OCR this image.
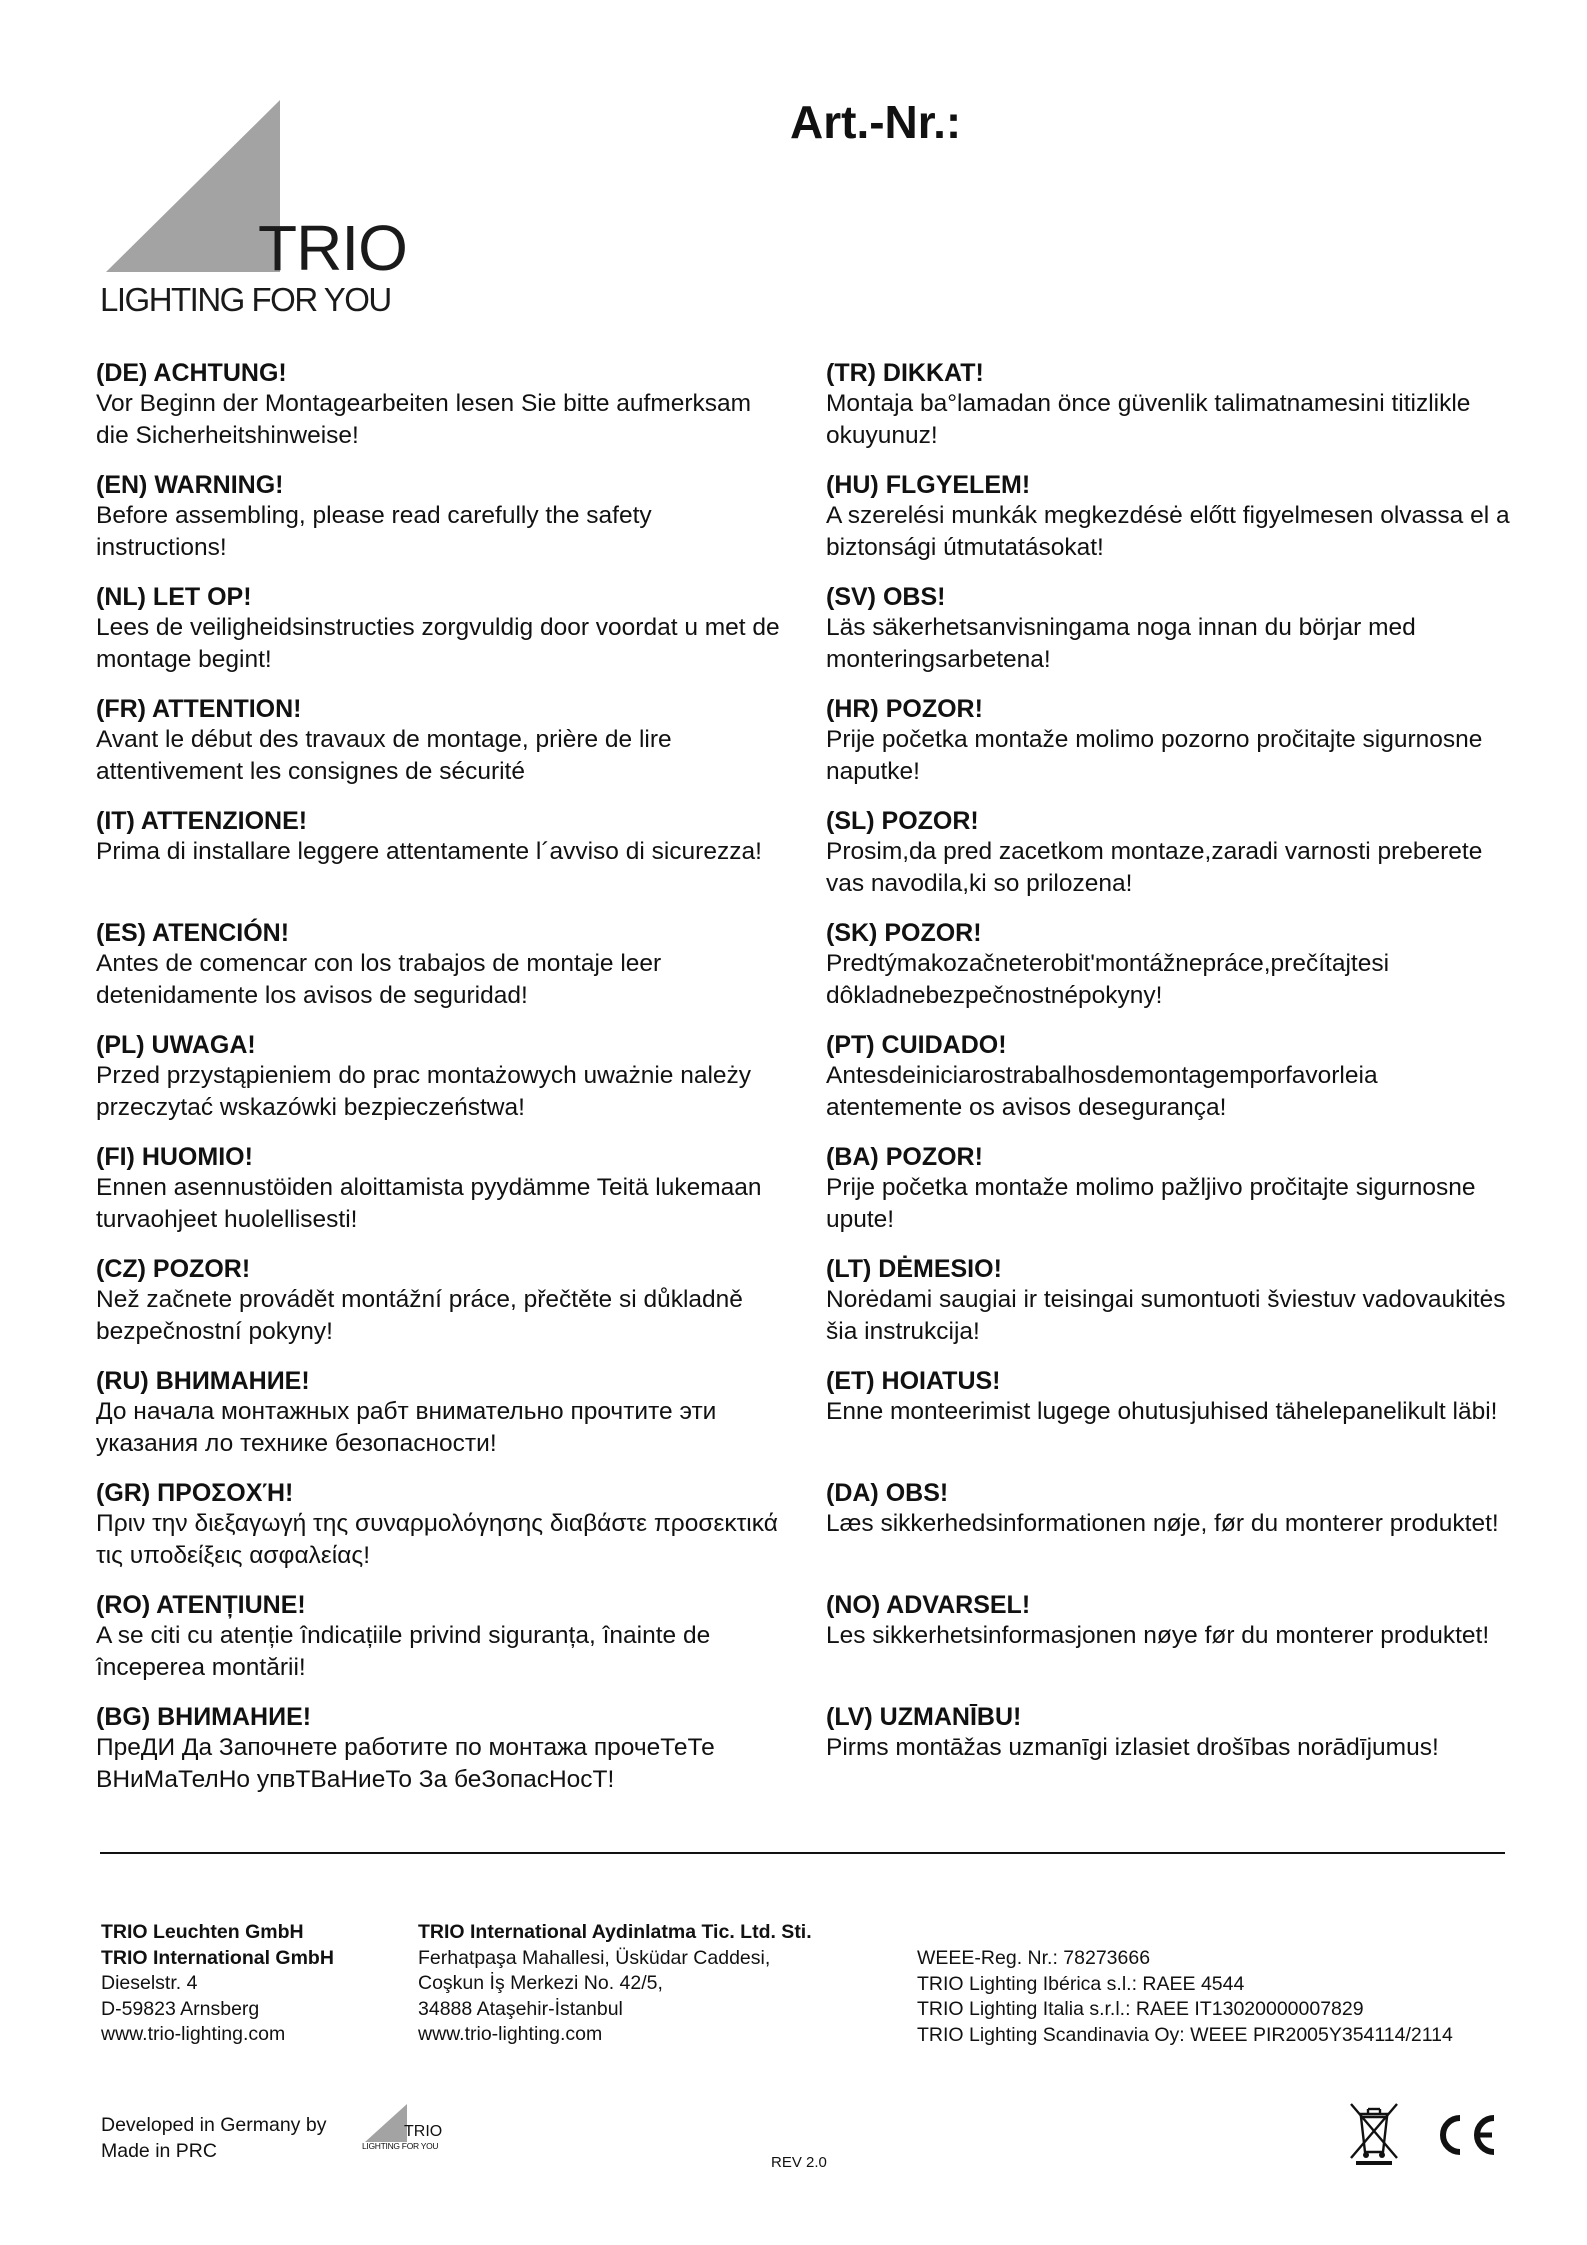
TRIO
LIGHTING FOR YOU
Art.-Nr.:
(DE) ACHTUNG!
Vor Beginn der Montagearbeiten lesen Sie bitte aufmerksam die Sicherheitshinweise!
(EN) WARNING!
Before assembling, please read carefully the safety instructions!
(NL) LET OP!
Lees de veiligheidsinstructies zorgvuldig door voordat u met de montage begint!
(FR) ATTENTION!
Avant le début des travaux de montage, prière de lire attentivement les consignes de sécurité
(IT) ATTENZIONE!
Prima di installare leggere attentamente l´avviso di sicurezza!
(ES) ATENCIÓN!
Antes de comencar con los trabajos de montaje leer detenidamente los avisos de seguridad!
(PL) UWAGA!
Przed przystąpieniem do prac montażowych uważnie należy przeczytać wskazówki bezpieczeństwa!
(FI) HUOMIO!
Ennen asennustöiden aloittamista pyydämme Teitä lukemaan turvaohjeet huolellisesti!
(CZ) POZOR!
Než začnete provádět montážní práce, přečtěte si důkladně bezpečnostní pokyny!
(RU) ВНИМАНИЕ!
До начала монтажных рабт внимательно прочтите эти указания ло технике безопасности!
(GR) ΠΡΟΣΟΧΉ!
Πριν την διεξαγωγή της συναρμολόγησης διαβάστε προσεκτικά τις υποδείξεις ασφαλείας!
(RO) ATENȚIUNE!
A se citi cu atenție îndicațiile privind siguranța, înainte de începerea montării!
(BG) ВНИМАНИЕ!
ПреДИ Да Започнете работите по монтажа прочеТеТе ВНиМаТелНо упвТВаНиеТо За беЗопасНосТ!
(TR) DIKKAT!
Montaja ba°lamadan önce güvenlik talimatnamesini titizlikle okuyunuz!
(HU) FLGYELEM!
A szerelési munkák megkezdésė előtt figyelmesen olvassa el a biztonsági útmutatásokat!
(SV) OBS!
Läs säkerhetsanvisningama noga innan du börjar med monteringsarbetena!
(HR) POZOR!
Prije početka montaže molimo pozorno pročitajte sigurnosne naputke!
(SL) POZOR!
Prosim,da pred zacetkom montaze,zaradi varnosti preberete vas navodila,ki so prilozena!
(SK) POZOR!
Predtýmakozačneterobit'montážnepráce,prečítajtesi dôkladnebezpečnostnépokyny!
(PT) CUIDADO!
Antesdeiniciarostrabalhosdemontagemporfavorleia atentemente os avisos desegurança!
(BA) POZOR!
Prije početka montaže molimo pažljivo pročitajte sigurnosne upute!
(LT) DĖMESIO!
Norėdami saugiai ir teisingai sumontuoti šviestuv vadovaukitės šia instrukcija!
(ET) HOIATUS!
Enne monteerimist lugege ohutusjuhised tähelepanelikult läbi!
(DA) OBS!
Læs sikkerhedsinformationen nøje, før du monterer produktet!
(NO) ADVARSEL!
Les sikkerhetsinformasjonen nøye før du monterer produktet!
(LV) UZMANĪBU!
Pirms montāžas uzmanīgi izlasiet drošības norādījumus!
TRIO Leuchten GmbH
TRIO International GmbH
Dieselstr. 4
D-59823 Arnsberg
www.trio-lighting.com
TRIO International Aydinlatma Tic. Ltd. Sti.
Ferhatpaşa Mahallesi, Üsküdar Caddesi,
Coşkun İş Merkezi No. 42/5,
34888 Ataşehir-İstanbul
www.trio-lighting.com
WEEE-Reg. Nr.: 78273666
TRIO Lighting Ibérica s.l.: RAEE 4544
TRIO Lighting Italia s.r.l.: RAEE IT13020000007829
TRIO Lighting Scandinavia Oy: WEEE PIR2005Y354114/2114
Developed in Germany by
Made in PRC
TRIO
LIGHTING FOR YOU
REV 2.0
